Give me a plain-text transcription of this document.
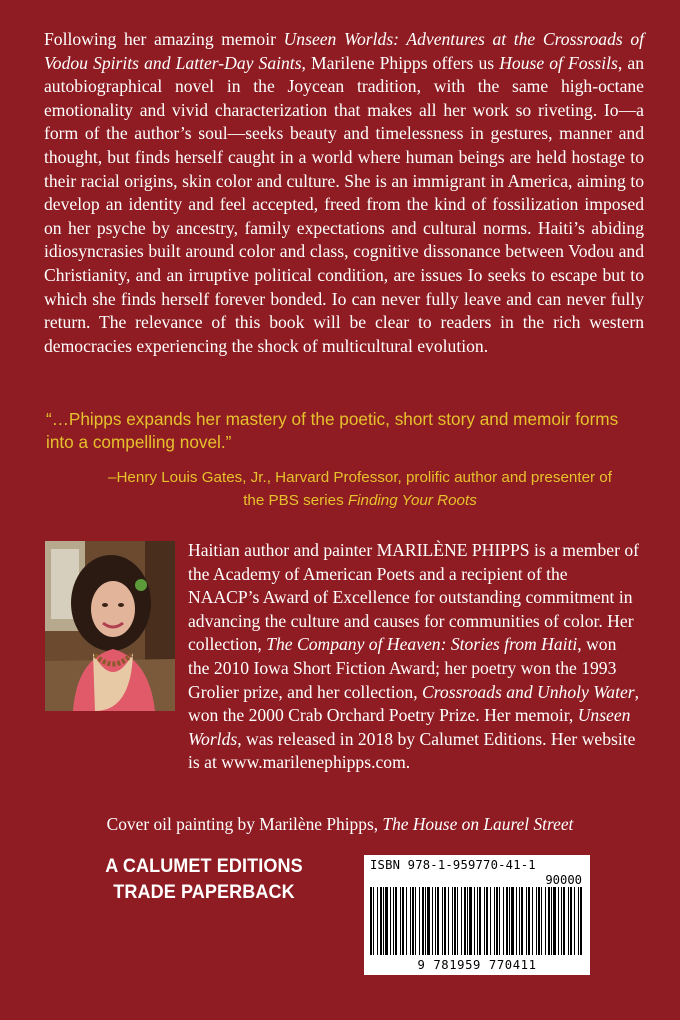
Following her amazing memoir Unseen Worlds: Adventures at the Crossroads of Vodou Spirits and Latter-Day Saints, Marilene Phipps offers us House of Fossils, an autobiographical novel in the Joycean tradition, with the same high-octane emotionality and vivid characterization that makes all her work so riveting. Io—a form of the author’s soul—seeks beauty and timelessness in gestures, manner and thought, but finds herself caught in a world where human beings are held hostage to their racial origins, skin color and culture. She is an immigrant in America, aiming to develop an identity and feel accepted, freed from the kind of fossilization imposed on her psyche by ancestry, family expectations and cultural norms. Haiti’s abiding idiosyncrasies built around color and class, cognitive dissonance between Vodou and Christianity, and an irruptive political condition, are issues Io seeks to escape but to which she finds herself forever bonded. Io can never fully leave and can never fully return. The relevance of this book will be clear to readers in the rich western democracies experiencing the shock of multicultural evolution.

“…Phipps expands her mastery of the poetic, short story and memoir forms into a compelling novel.”

–Henry Louis Gates, Jr., Harvard Professor, prolific author and presenter of the PBS series Finding Your Roots

Haitian author and painter MARILÈNE PHIPPS is a member of the Academy of American Poets and a recipient of the NAACP’s Award of Excellence for outstanding commitment in advancing the culture and causes for communities of color. Her collection, The Company of Heaven: Stories from Haiti, won the 2010 Iowa Short Fiction Award; her poetry won the 1993 Grolier prize, and her collection, Crossroads and Unholy Water, won the 2000 Crab Orchard Poetry Prize. Her memoir, Unseen Worlds, was released in 2018 by Calumet Editions. Her website is at www.marilenephipps.com.

Cover oil painting by Marilène Phipps, The House on Laurel Street

A CALUMET EDITIONS
TRADE PAPERBACK

ISBN 978-1-959770-41-1

90000

9 781959 770411
